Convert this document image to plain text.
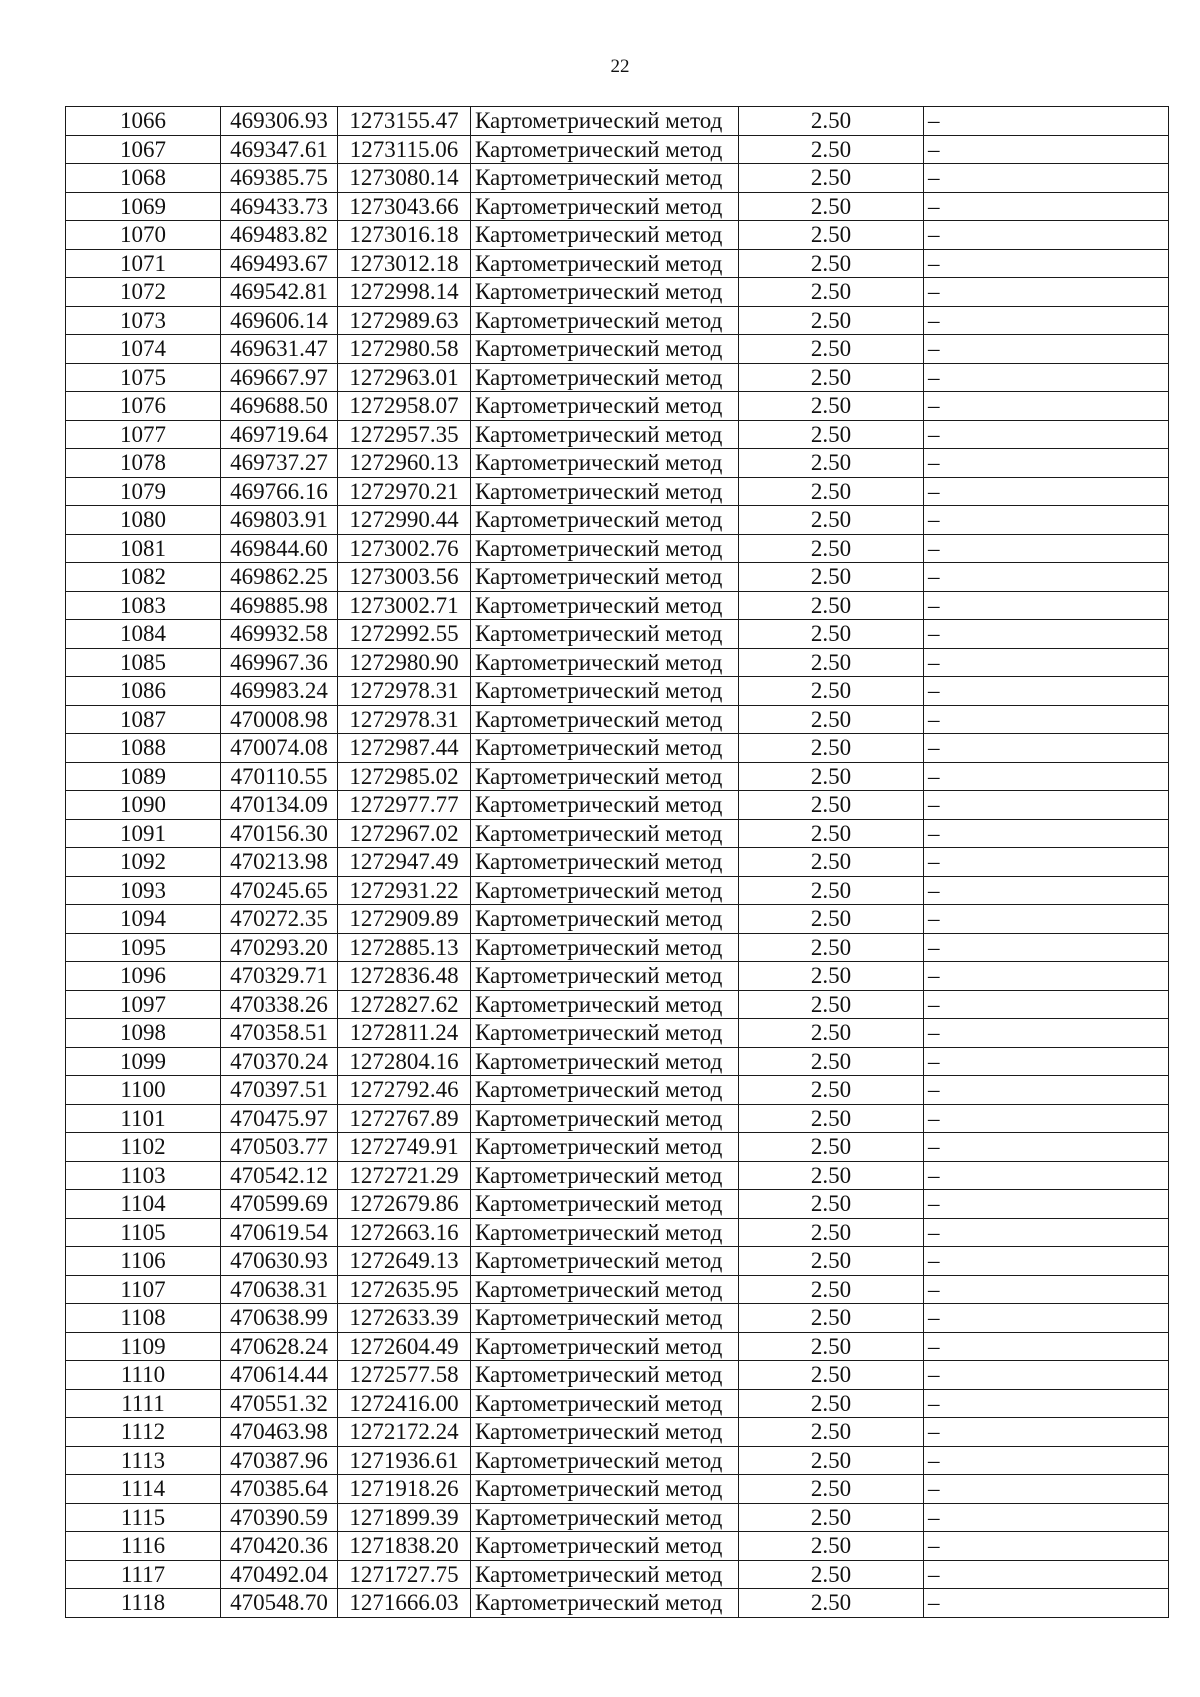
22
1066	469306.93	1273155.47	Картометрический метод	2.50	–
1067	469347.61	1273115.06	Картометрический метод	2.50	–
1068	469385.75	1273080.14	Картометрический метод	2.50	–
1069	469433.73	1273043.66	Картометрический метод	2.50	–
1070	469483.82	1273016.18	Картометрический метод	2.50	–
1071	469493.67	1273012.18	Картометрический метод	2.50	–
1072	469542.81	1272998.14	Картометрический метод	2.50	–
1073	469606.14	1272989.63	Картометрический метод	2.50	–
1074	469631.47	1272980.58	Картометрический метод	2.50	–
1075	469667.97	1272963.01	Картометрический метод	2.50	–
1076	469688.50	1272958.07	Картометрический метод	2.50	–
1077	469719.64	1272957.35	Картометрический метод	2.50	–
1078	469737.27	1272960.13	Картометрический метод	2.50	–
1079	469766.16	1272970.21	Картометрический метод	2.50	–
1080	469803.91	1272990.44	Картометрический метод	2.50	–
1081	469844.60	1273002.76	Картометрический метод	2.50	–
1082	469862.25	1273003.56	Картометрический метод	2.50	–
1083	469885.98	1273002.71	Картометрический метод	2.50	–
1084	469932.58	1272992.55	Картометрический метод	2.50	–
1085	469967.36	1272980.90	Картометрический метод	2.50	–
1086	469983.24	1272978.31	Картометрический метод	2.50	–
1087	470008.98	1272978.31	Картометрический метод	2.50	–
1088	470074.08	1272987.44	Картометрический метод	2.50	–
1089	470110.55	1272985.02	Картометрический метод	2.50	–
1090	470134.09	1272977.77	Картометрический метод	2.50	–
1091	470156.30	1272967.02	Картометрический метод	2.50	–
1092	470213.98	1272947.49	Картометрический метод	2.50	–
1093	470245.65	1272931.22	Картометрический метод	2.50	–
1094	470272.35	1272909.89	Картометрический метод	2.50	–
1095	470293.20	1272885.13	Картометрический метод	2.50	–
1096	470329.71	1272836.48	Картометрический метод	2.50	–
1097	470338.26	1272827.62	Картометрический метод	2.50	–
1098	470358.51	1272811.24	Картометрический метод	2.50	–
1099	470370.24	1272804.16	Картометрический метод	2.50	–
1100	470397.51	1272792.46	Картометрический метод	2.50	–
1101	470475.97	1272767.89	Картометрический метод	2.50	–
1102	470503.77	1272749.91	Картометрический метод	2.50	–
1103	470542.12	1272721.29	Картометрический метод	2.50	–
1104	470599.69	1272679.86	Картометрический метод	2.50	–
1105	470619.54	1272663.16	Картометрический метод	2.50	–
1106	470630.93	1272649.13	Картометрический метод	2.50	–
1107	470638.31	1272635.95	Картометрический метод	2.50	–
1108	470638.99	1272633.39	Картометрический метод	2.50	–
1109	470628.24	1272604.49	Картометрический метод	2.50	–
1110	470614.44	1272577.58	Картометрический метод	2.50	–
1111	470551.32	1272416.00	Картометрический метод	2.50	–
1112	470463.98	1272172.24	Картометрический метод	2.50	–
1113	470387.96	1271936.61	Картометрический метод	2.50	–
1114	470385.64	1271918.26	Картометрический метод	2.50	–
1115	470390.59	1271899.39	Картометрический метод	2.50	–
1116	470420.36	1271838.20	Картометрический метод	2.50	–
1117	470492.04	1271727.75	Картометрический метод	2.50	–
1118	470548.70	1271666.03	Картометрический метод	2.50	–
